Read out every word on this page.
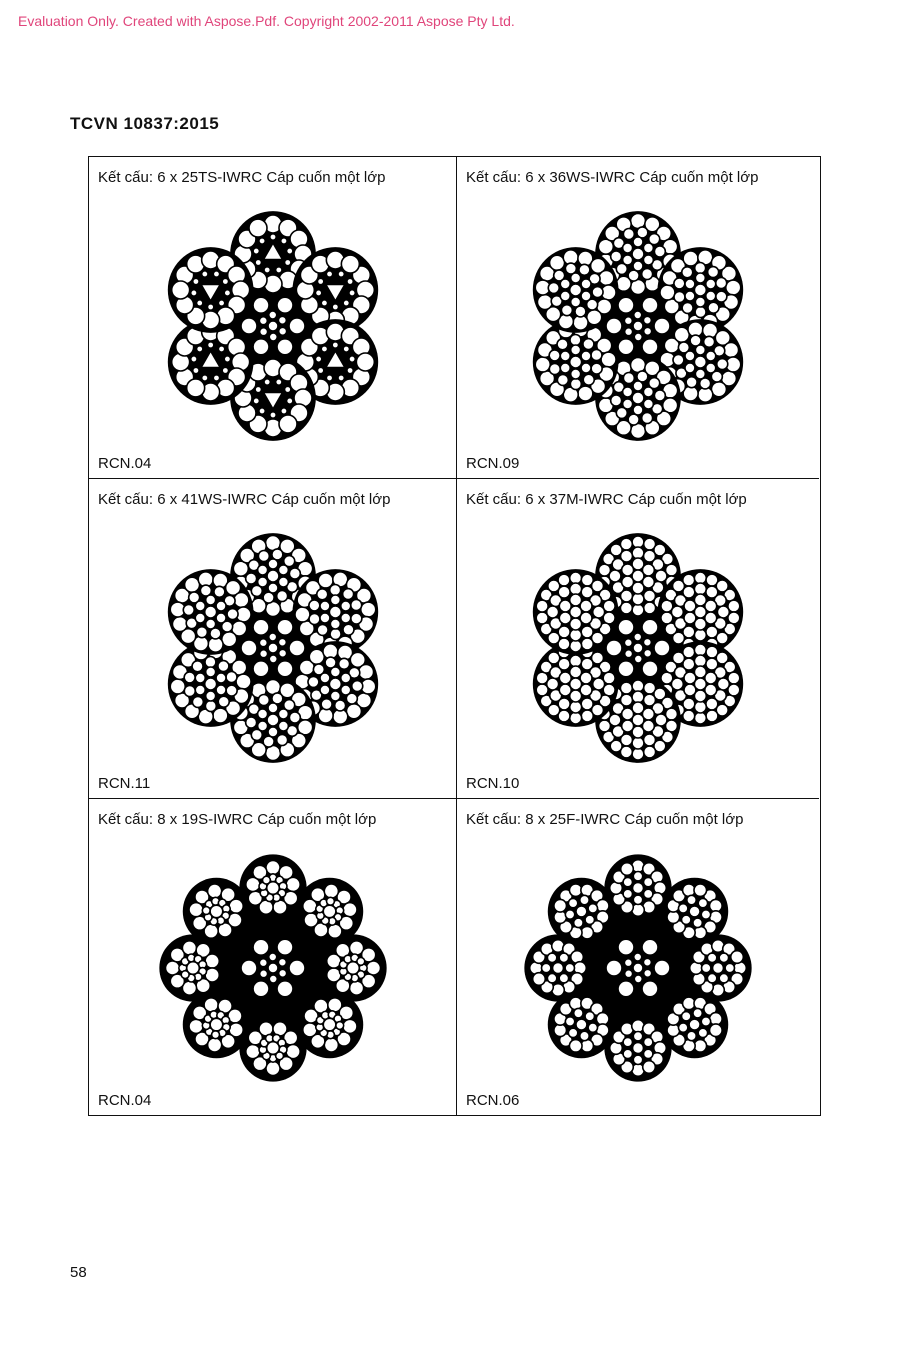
Evaluation Only. Created with Aspose.Pdf. Copyright 2002-2011 Aspose Pty Ltd.
TCVN 10837:2015
Kết cấu: 6 x 25TS-IWRC Cáp cuốn một lớp
RCN.04
Kết cấu: 6 x 36WS-IWRC Cáp cuốn một lớp
RCN.09
Kết cấu: 6 x 41WS-IWRC Cáp cuốn một lớp
RCN.11
Kết cấu: 6 x 37M-IWRC Cáp cuốn một lớp
RCN.10
Kết cấu: 8 x 19S-IWRC Cáp cuốn một lớp
RCN.04
Kết cấu: 8 x 25F-IWRC Cáp cuốn một lớp
RCN.06
58
